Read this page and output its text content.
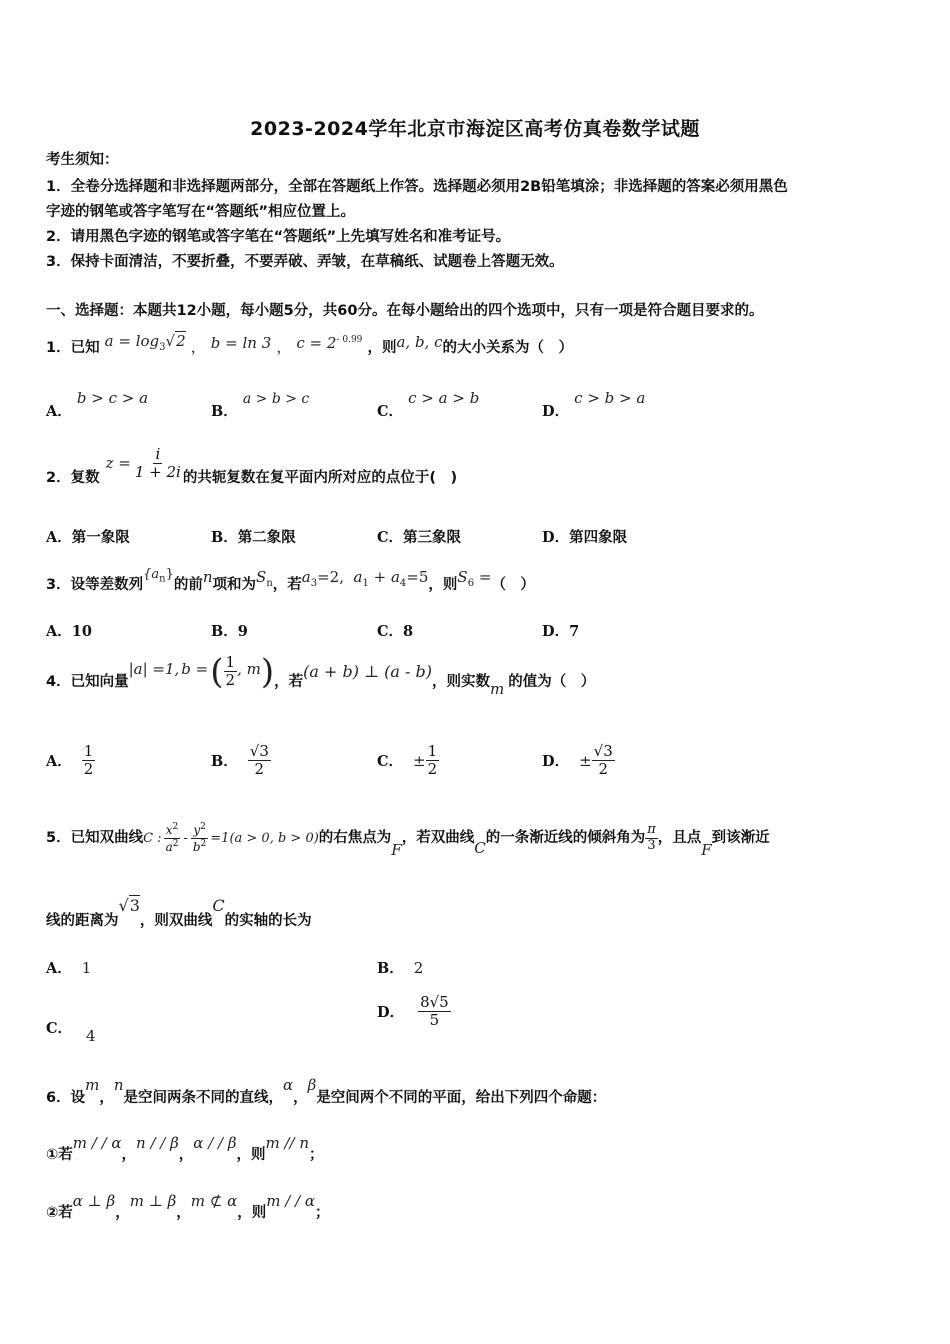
2023-2024学年北京市海淀区高考仿真卷数学试题
考生须知：
1．全卷分选择题和非选择题两部分，全部在答题纸上作答。选择题必须用2B铅笔填涂；非选择题的答案必须用黑色
字迹的钢笔或答字笔写在“答题纸”相应位置上。
2．请用黑色字迹的钢笔或答字笔在“答题纸”上先填写姓名和准考证号。
3．保持卡面清洁，不要折叠，不要弄破、弄皱，在草稿纸、试题卷上答题无效。
一、选择题：本题共12小题，每小题5分，共60分。在每小题给出的四个选项中，只有一项是符合题目要求的。
1．已知 $a = \log_3√2$ ， b = ln 3 ， $c = 2^{- 0.99}$ ，则a, b, c的大小关系为（　）
A． b > c > a
B． a > b > c
C． c > a > b
D． c > b > a
2．复数
$z = \frac{i}{1 + 2i}$ 的共轭复数在复平面内所对应的点位于(　)
A．第一象限	B．第二象限	C．第三象限	D．第四象限
3．设等差数列$\{a_n\}$的前n项和为$S_n$，若$a_3=2$, $a_1 + a_4=5$，则$S_6$ =（　）
A．10	B．9	C．8	D．7
4．已知向量
|a| =1, b = ( $\frac{1}{2}$ , m ) ，若
(a + b) ⊥ (a - b)
，则实数 m 的值为（　）
A． $\frac{1}{2}$	B． $\frac{√3}{2}$	C． ± $\frac{1}{2}$	D． ± $\frac{√3}{2}$
5．已知双曲线 C : $\frac{x^2}{a^2} - \frac{y^2}{b^2} =1(a > 0$, b > 0) 的右焦点为
F
，若双曲线
C
的一条渐近线的倾斜角为 $\frac{\pi}{3}$ ，且点
F
到该渐近
线的距离为√3，则双曲线C的实轴的长为
A． 1	B． 2
C． 4
D． $\frac{8√5}{5}$
6．设m，n是空间两条不同的直线，α，β是空间两个不同的平面，给出下列四个命题：
①若m / / α，n / / β，α / / β，则m // n；
②若α ⊥ β，m ⊥ β，m ⊄ α，则m / / α；
